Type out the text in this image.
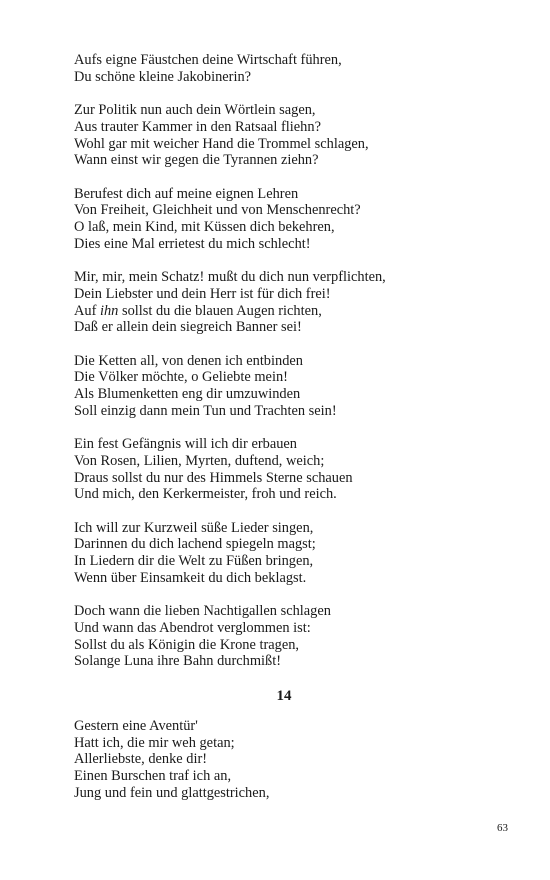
Aufs eigne Fäustchen deine Wirtschaft führen,
Du schöne kleine Jakobinerin?
Zur Politik nun auch dein Wörtlein sagen,
Aus trauter Kammer in den Ratsaal fliehn?
Wohl gar mit weicher Hand die Trommel schlagen,
Wann einst wir gegen die Tyrannen ziehn?
Berufest dich auf meine eignen Lehren
Von Freiheit, Gleichheit und von Menschenrecht?
O laß, mein Kind, mit Küssen dich bekehren,
Dies eine Mal errietest du mich schlecht!
Mir, mir, mein Schatz! mußt du dich nun verpflichten,
Dein Liebster und dein Herr ist für dich frei!
Auf ihn sollst du die blauen Augen richten,
Daß er allein dein siegreich Banner sei!
Die Ketten all, von denen ich entbinden
Die Völker möchte, o Geliebte mein!
Als Blumenketten eng dir umzuwinden
Soll einzig dann mein Tun und Trachten sein!
Ein fest Gefängnis will ich dir erbauen
Von Rosen, Lilien, Myrten, duftend, weich;
Draus sollst du nur des Himmels Sterne schauen
Und mich, den Kerkermeister, froh und reich.
Ich will zur Kurzweil süße Lieder singen,
Darinnen du dich lachend spiegeln magst;
In Liedern dir die Welt zu Füßen bringen,
Wenn über Einsamkeit du dich beklagst.
Doch wann die lieben Nachtigallen schlagen
Und wann das Abendrot verglommen ist:
Sollst du als Königin die Krone tragen,
Solange Luna ihre Bahn durchmißt!
14
Gestern eine Aventür'
Hatt ich, die mir weh getan;
Allerliebste, denke dir!
Einen Burschen traf ich an,
Jung und fein und glattgestrichen,
63
